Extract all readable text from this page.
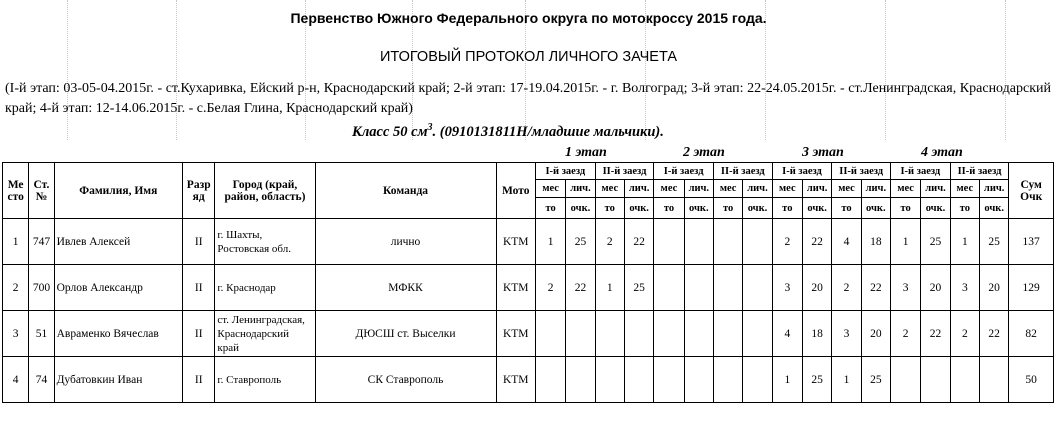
Первенство Южного Федерального округа по мотокроссу 2015 года.
ИТОГОВЫЙ ПРОТОКОЛ ЛИЧНОГО ЗАЧЕТА
(I-й этап: 03-05-04.2015г. - ст.Кухаривка, Ейский р-н, Краснодарский край; 2-й этап: 17-19.04.2015г. - г. Волгоград; 3-й этап: 22-24.05.2015г. - ст.Ленинградская, Краснодарский край; 4-й этап: 12-14.06.2015г. - с.Белая Глина, Краснодарский край)
Класс 50 $см^3$. (0910131811Н/младшие мальчики).
1 этап	2 этап	3 этап	4 этап
Ме сто	Ст. №	Фамилия, Имя	Разр яд	Город (край, район, область)	Команда	Мото	I-й заезд		II-й заезд		I-й заезд		II-й заезд		I-й заезд		II-й заезд		I-й заезд		II-й заезд		Сум Очк
							мес	лич.	мес	лич.	мес	лич.	мес	лич.	мес	лич.	мес	лич.	мес	лич.	мес	лич.	
							то	очк.	то	очк.	то	очк.	то	очк.	то	очк.	то	очк.	то	очк.	то	очк.	
1	747	Ивлев Алексей	II	г. Шахты, Ростовская обл.	лично	KTM	1	25	2	22					2	22	4	18	1	25	1	25	137
2	700	Орлов Александр	II	г. Краснодар	МФКК	KTM	2	22	1	25					3	20	2	22	3	20	3	20	129
3	51	Авраменко Вячеслав	II	ст. Ленинградская, Краснодарский край	ДЮСШ ст. Выселки	KTM									4	18	3	20	2	22	2	22	82
4	74	Дубатовкин Иван	II	г. Ставрополь	СК Ставрополь	KTM									1	25	1	25					50
